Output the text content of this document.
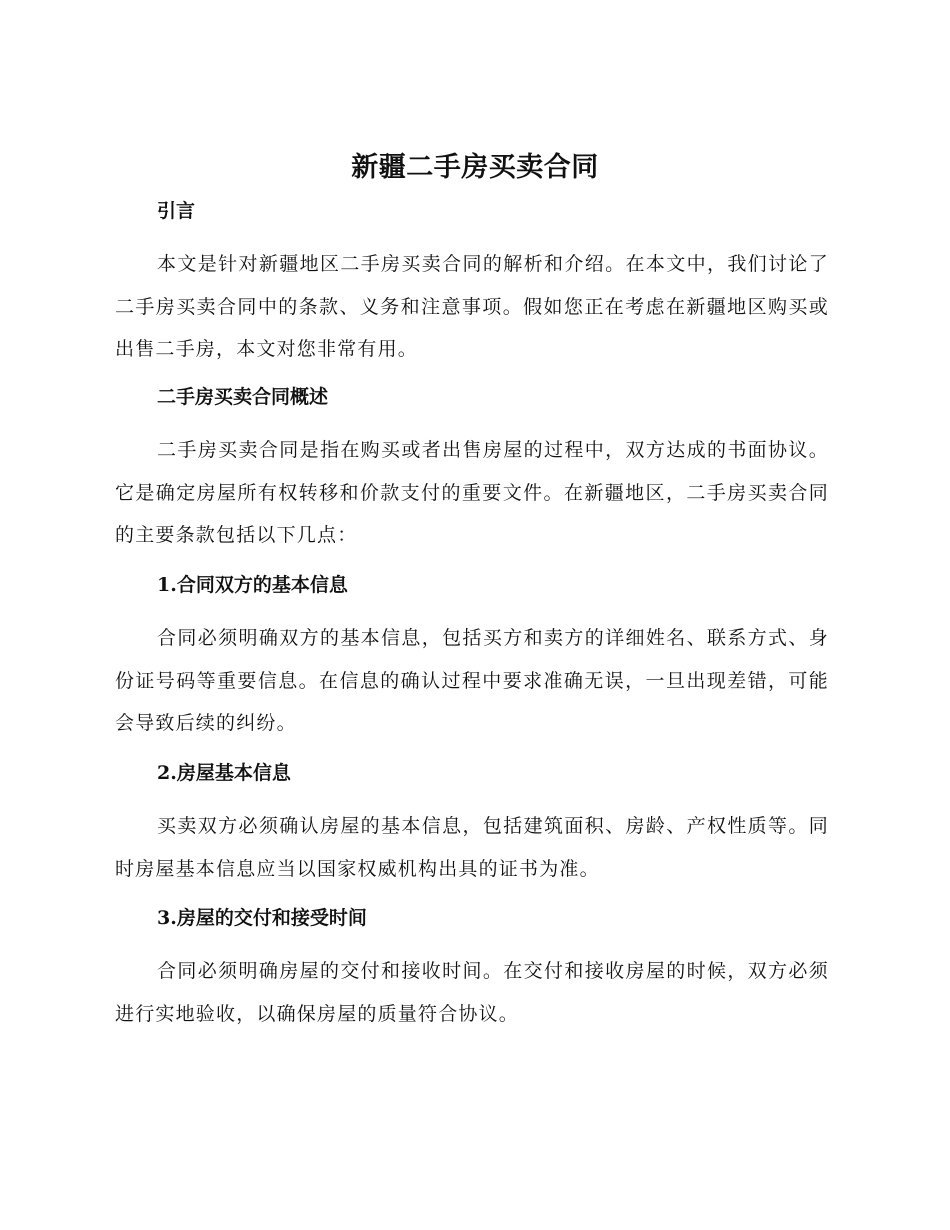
新疆二手房买卖合同
引言

本文是针对新疆地区二手房买卖合同的解析和介绍。在本文中，我们讨论了二手房买卖合同中的条款、义务和注意事项。假如您正在考虑在新疆地区购买或出售二手房，本文对您非常有用。

二手房买卖合同概述

二手房买卖合同是指在购买或者出售房屋的过程中，双方达成的书面协议。它是确定房屋所有权转移和价款支付的重要文件。在新疆地区，二手房买卖合同的主要条款包括以下几点：

1.合同双方的基本信息

合同必须明确双方的基本信息，包括买方和卖方的详细姓名、联系方式、身份证号码等重要信息。在信息的确认过程中要求准确无误，一旦出现差错，可能会导致后续的纠纷。

2.房屋基本信息

买卖双方必须确认房屋的基本信息，包括建筑面积、房龄、产权性质等。同时房屋基本信息应当以国家权威机构出具的证书为准。

3.房屋的交付和接受时间

合同必须明确房屋的交付和接收时间。在交付和接收房屋的时候，双方必须进行实地验收，以确保房屋的质量符合协议。
